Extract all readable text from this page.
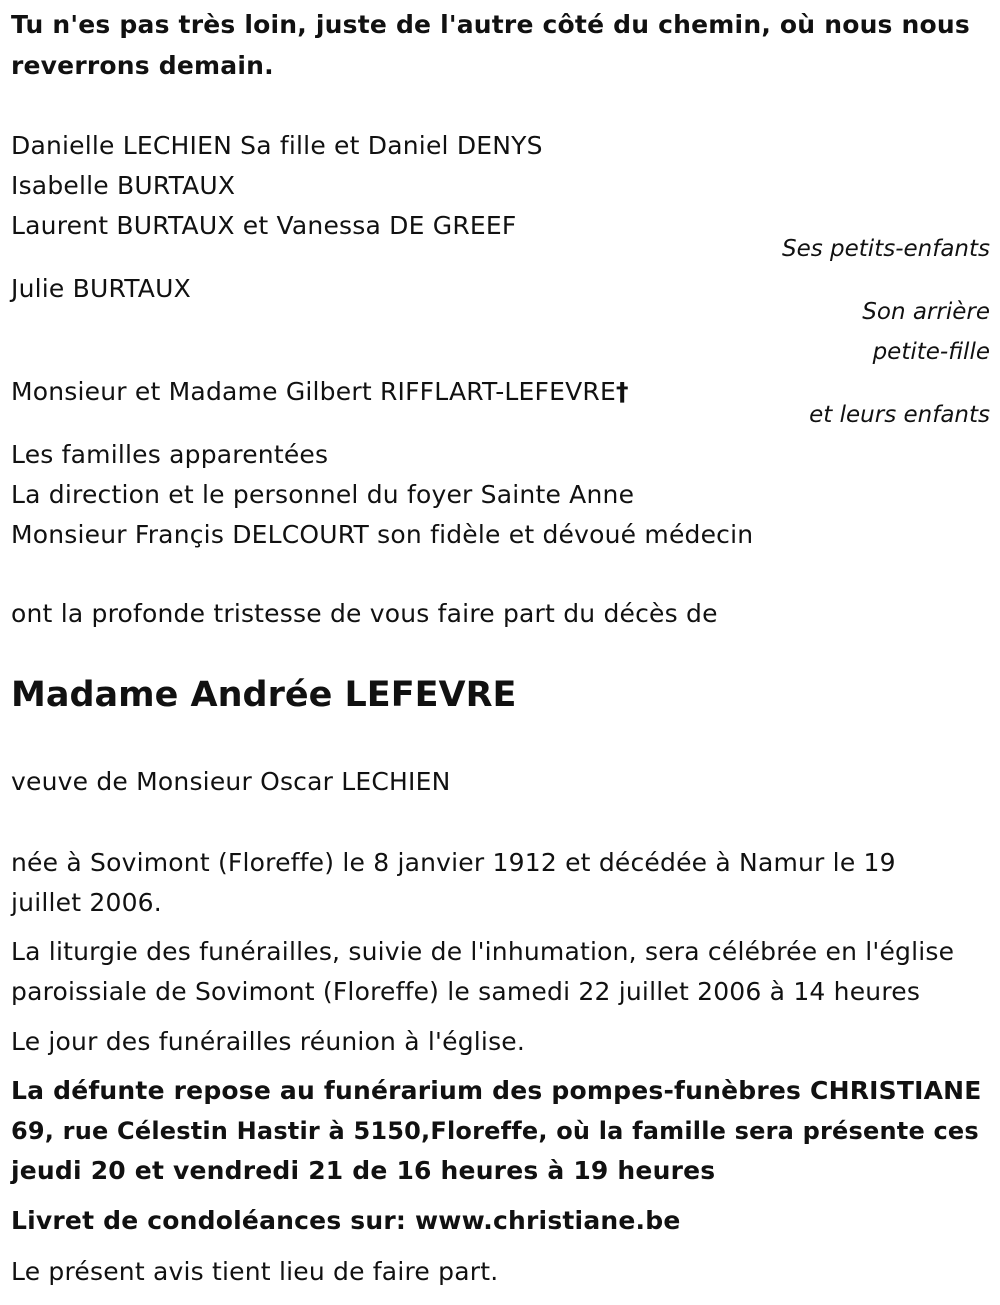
Tu n'es pas très loin, juste de l'autre côté du chemin, où nous nous
reverrons demain.
Danielle LECHIEN Sa fille et Daniel DENYS
Isabelle BURTAUX
Laurent BURTAUX et Vanessa DE GREEF
Ses petits-enfants
Julie BURTAUX
Son arrière
petite-fille
Monsieur et Madame Gilbert RIFFLART-LEFEVRE†
et leurs enfants
Les familles apparentées
La direction et le personnel du foyer Sainte Anne
Monsieur Françis DELCOURT son fidèle et dévoué médecin
ont la profonde tristesse de vous faire part du décès de
Madame Andrée LEFEVRE
veuve de Monsieur Oscar LECHIEN
née à Sovimont (Floreffe) le 8 janvier 1912 et décédée à Namur le 19
juillet 2006.
La liturgie des funérailles, suivie de l'inhumation, sera célébrée en l'église
paroissiale de Sovimont (Floreffe) le samedi 22 juillet 2006 à 14 heures
Le jour des funérailles réunion à l'église.
La défunte repose au funérarium des pompes-funèbres CHRISTIANE
69, rue Célestin Hastir à 5150,Floreffe, où la famille sera présente ces
jeudi 20 et vendredi 21 de 16 heures à 19 heures
Livret de condoléances sur: www.christiane.be
Le présent avis tient lieu de faire part.
